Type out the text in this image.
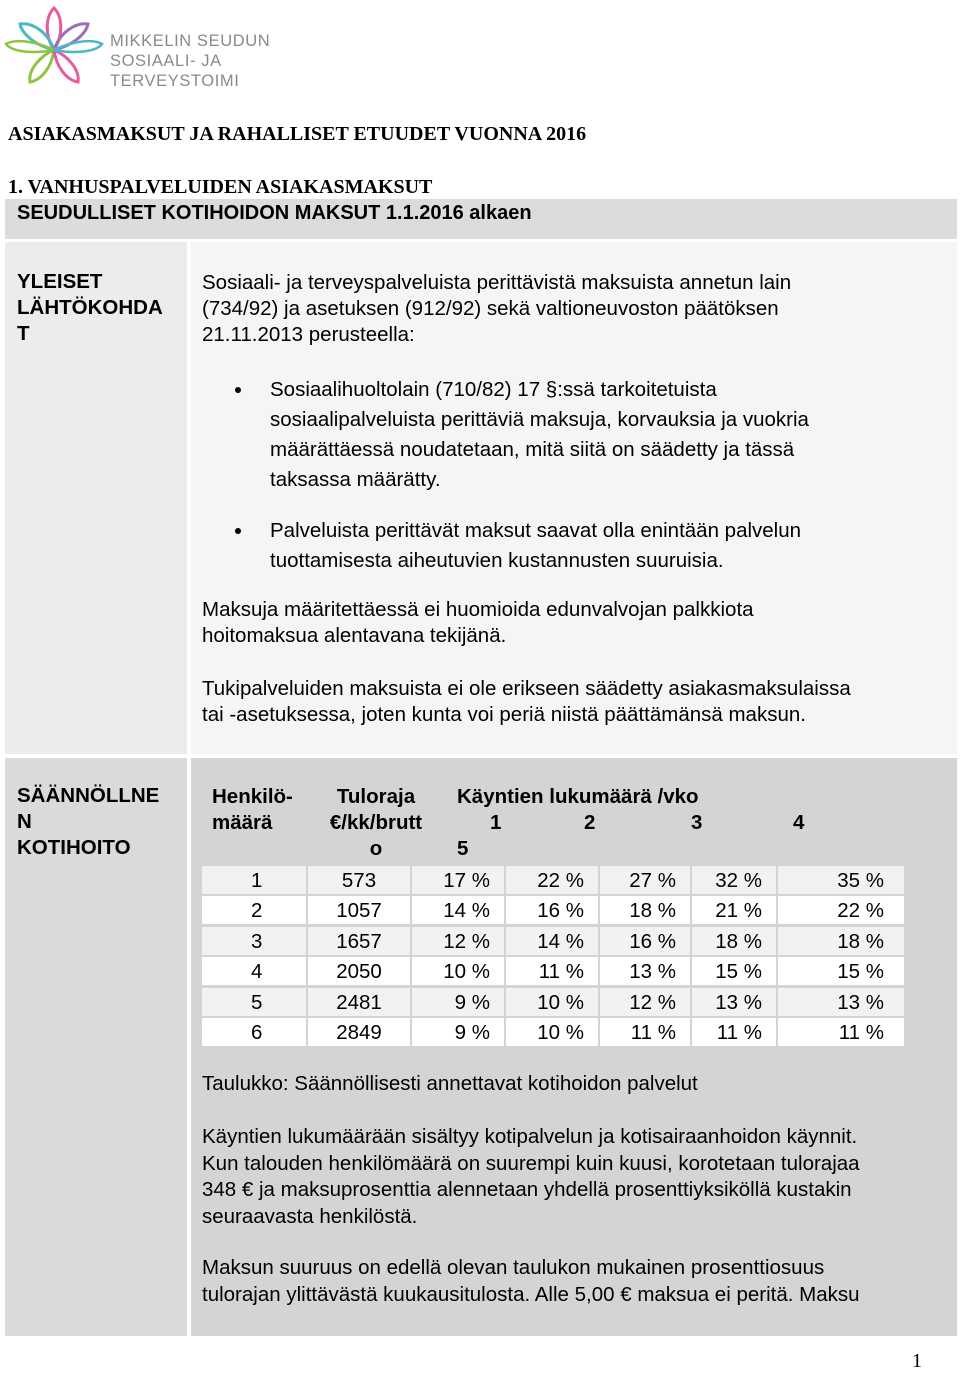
MIKKELIN SEUDUN
SOSIAALI- JA TERVEYSTOIMI
ASIAKASMAKSUT JA RAHALLISET ETUUDET VUONNA 2016
1. VANHUSPALVELUIDEN ASIAKASMAKSUT
SEUDULLISET KOTIHOIDON MAKSUT 1.1.2016 alkaen
YLEISET
LÄHTÖKOHDA
T
Sosiaali- ja terveyspalveluista perittävistä maksuista annetun lain
(734/92) ja asetuksen (912/92) sekä valtioneuvoston päätöksen
21.11.2013 perusteella:
Sosiaalihuoltolain (710/82) 17 §:ssä tarkoitetuista
sosiaalipalveluista perittäviä maksuja, korvauksia ja vuokria
määrättäessä noudatetaan, mitä siitä on säädetty ja tässä
taksassa määrätty.
Palveluista perittävät maksut saavat olla enintään palvelun
tuottamisesta aiheutuvien kustannusten suuruisia.
Maksuja määritettäessä ei huomioida edunvalvojan palkkiota
hoitomaksua alentavana tekijänä.
Tukipalveluiden maksuista ei ole erikseen säädetty asiakasmaksulaissa
tai -asetuksessa, joten kunta voi periä niistä päättämänsä maksun.
SÄÄNNÖLLNE
N
KOTIHOITO
Henkilö-
määrä
Tuloraja
€/kk/brutt
o
Käyntien lukumäärä /vko
1	2	3	4
5
1	573	17 % 22 % 27 % 32 %	35 %
2	1057	14 % 16 % 18 % 21 %	22 %
3	1657	12 % 14 % 16 % 18 %	18 %
4	2050	10 % 11 % 13 % 15 %	15 %
5	2481	9 % 10 % 12 % 13 %	13 %
6	2849	9 % 10 % 11 % 11 %	11 %
Taulukko: Säännöllisesti annettavat kotihoidon palvelut
Käyntien lukumäärään sisältyy kotipalvelun ja kotisairaanhoidon käynnit.
Kun talouden henkilömäärä on suurempi kuin kuusi, korotetaan tulorajaa
348 € ja maksuprosenttia alennetaan yhdellä prosenttiyksiköllä kustakin
seuraavasta henkilöstä.
Maksun suuruus on edellä olevan taulukon mukainen prosenttiosuus
tulorajan ylittävästä kuukausitulosta. Alle 5,00 € maksua ei peritä. Maksu
1
